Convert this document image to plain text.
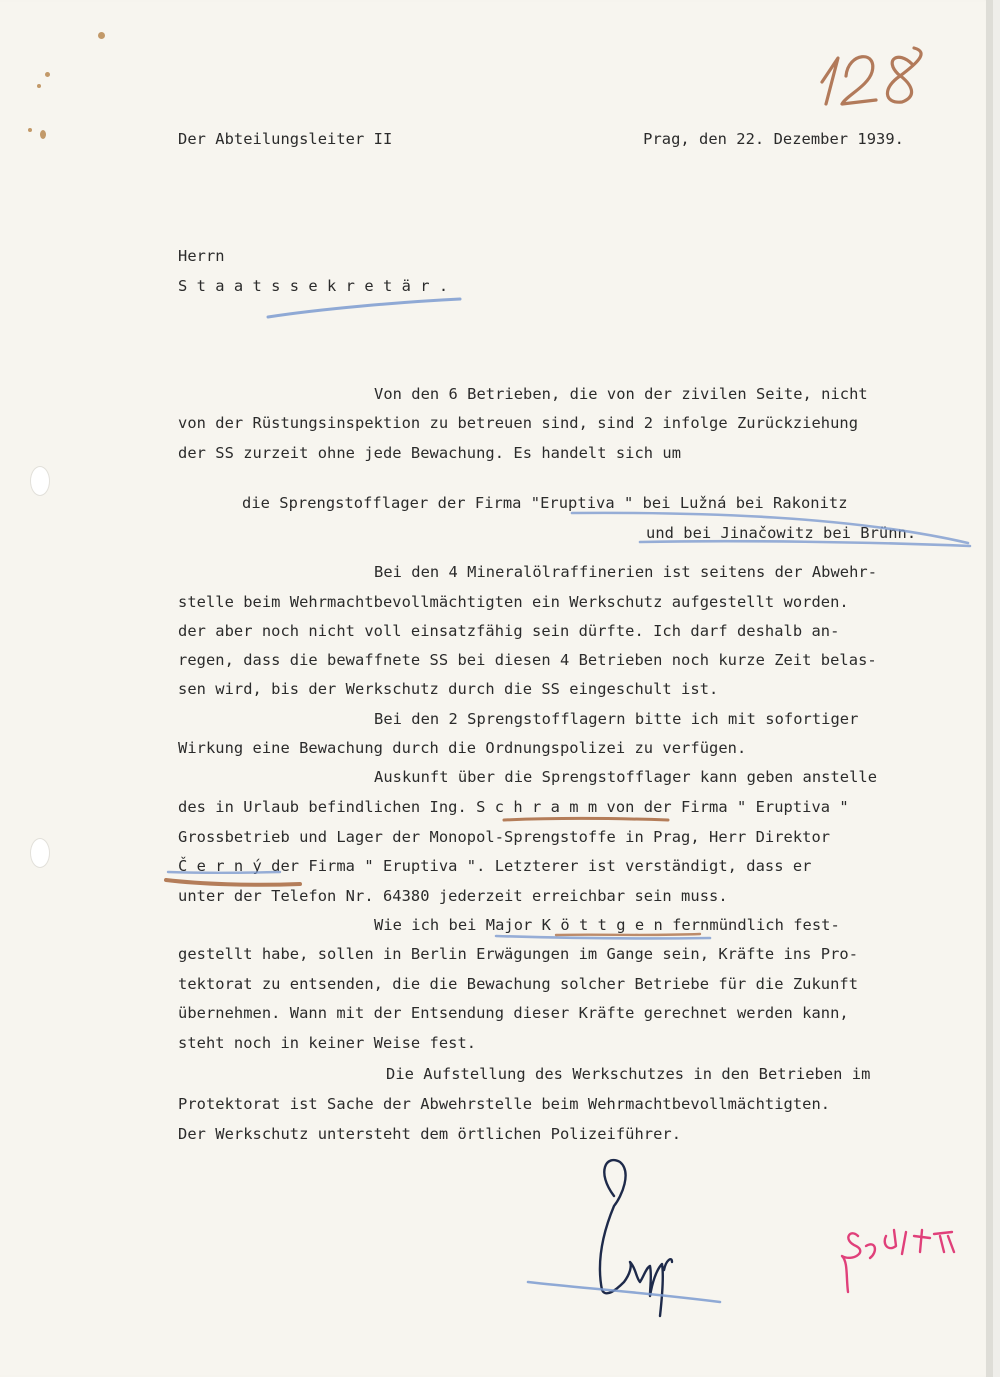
Der Abteilungsleiter II	Prag, den 22. Dezember 1939.
Herrn
S t a a t s s e k r e t ä r .
Von den 6 Betrieben, die von der zivilen Seite, nicht
von der Rüstungsinspektion zu betreuen sind, sind 2 infolge Zurückziehung
der SS zurzeit ohne jede Bewachung. Es handelt sich um
die Sprengstofflager der Firma "Eruptiva " bei Lužná bei Rakonitz
und bei Jinačowitz bei Brünn.
Bei den 4 Mineralölraffinerien ist seitens der Abwehr-
stelle beim Wehrmachtbevollmächtigten ein Werkschutz aufgestellt worden.
der aber noch nicht voll einsatzfähig sein dürfte. Ich darf deshalb an-
regen, dass die bewaffnete SS bei diesen 4 Betrieben noch kurze Zeit belas-
sen wird, bis der Werkschutz durch die SS eingeschult ist.
Bei den 2 Sprengstofflagern bitte ich mit sofortiger
Wirkung eine Bewachung durch die Ordnungspolizei zu verfügen.
Auskunft über die Sprengstofflager kann geben anstelle
des in Urlaub befindlichen Ing. S c h r a m m von der Firma " Eruptiva "
Grossbetrieb und Lager der Monopol-Sprengstoffe in Prag, Herr Direktor
Č e r n ý der Firma " Eruptiva ". Letzterer ist verständigt, dass er
unter der Telefon Nr. 64380 jederzeit erreichbar sein muss.
Wie ich bei Major K ö t t g e n fernmündlich fest-
gestellt habe, sollen in Berlin Erwägungen im Gange sein, Kräfte ins Pro-
tektorat zu entsenden, die die Bewachung solcher Betriebe für die Zukunft
übernehmen. Wann mit der Entsendung dieser Kräfte gerechnet werden kann,
steht noch in keiner Weise fest.
Die Aufstellung des Werkschutzes in den Betrieben im
Protektorat ist Sache der Abwehrstelle beim Wehrmachtbevollmächtigten.
Der Werkschutz untersteht dem örtlichen Polizeiführer.
